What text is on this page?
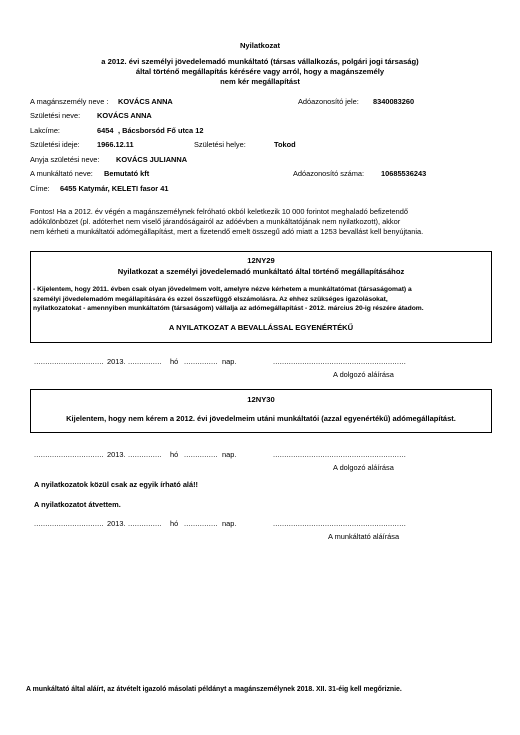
Nyilatkozat
a 2012. évi személyi jövedelemadó munkáltató (társas vállalkozás, polgári jogi társaság)
által történő megállapítás kérésére vagy arról, hogy a magánszemély
nem kér megállapítást
A magánszemély neve : KOVÁCS ANNA	Adóazonosító jele: 8340083260
Születési neve: KOVÁCS ANNA
Lakcíme:	6454 , Bácsborsód Fő utca 12
Születési ideje: 1966.12.11	Születési helye:	Tokod
Anyja születési neve: KOVÁCS JULIANNA
A munkáltató neve: Bemutató kft	Adóazonosító száma: 10685536243
Címe: 6455 Katymár, KELETI fasor 41

Fontos! Ha a 2012. év végén a magánszemélynek felróható okból keletkezik 10 000 forintot meghaladó befizetendő

adókülönbözet (pl. adóterhet nem viselő járandóságairól az adóévben a munkáltatójának nem nyilatkozott), akkor

nem kérheti a munkáltatói adómegállapítást, mert a fizetendő emelt összegű adó miatt a 1253 bevallást kell benyújtania.

12NY29
Nyilatkozat a személyi jövedelemadó munkáltató által történő megállapításához

- Kijelentem, hogy 2011. évben csak olyan jövedelmem volt, amelyre nézve kérhetem a munkáltatómat (társaságomat) a

személyi jövedelemadóm megállapítására és ezzel összefüggő elszámolásra. Az ehhez szükséges igazolásokat,

nyilatkozatokat - amennyiben munkáltatóm (társaságom) vállalja az adómegállapítást - 2012. március 20-ig részére átadom.

A NYILATKOZAT A BEVALLÁSSAL EGYENÉRTÉKŰ
............................... 2013. ............... hó ............... nap.	...........................................................
A dolgozó aláírása
12NY30
Kijelentem, hogy nem kérem a 2012. évi jövedelmeim utáni munkáltatói (azzal egyenértékű) adómegállapítást.
............................... 2013. ............... hó ............... nap.	...........................................................
A dolgozó aláírása
A nyilatkozatok közül csak az egyik írható alá!!
A nyilatkozatot átvettem.
............................... 2013. ............... hó ............... nap.	...........................................................
A munkáltató aláírása
A munkáltató által aláírt, az átvételt igazoló másolati példányt a magánszemélynek 2018. XII. 31-éig kell megőriznie.
